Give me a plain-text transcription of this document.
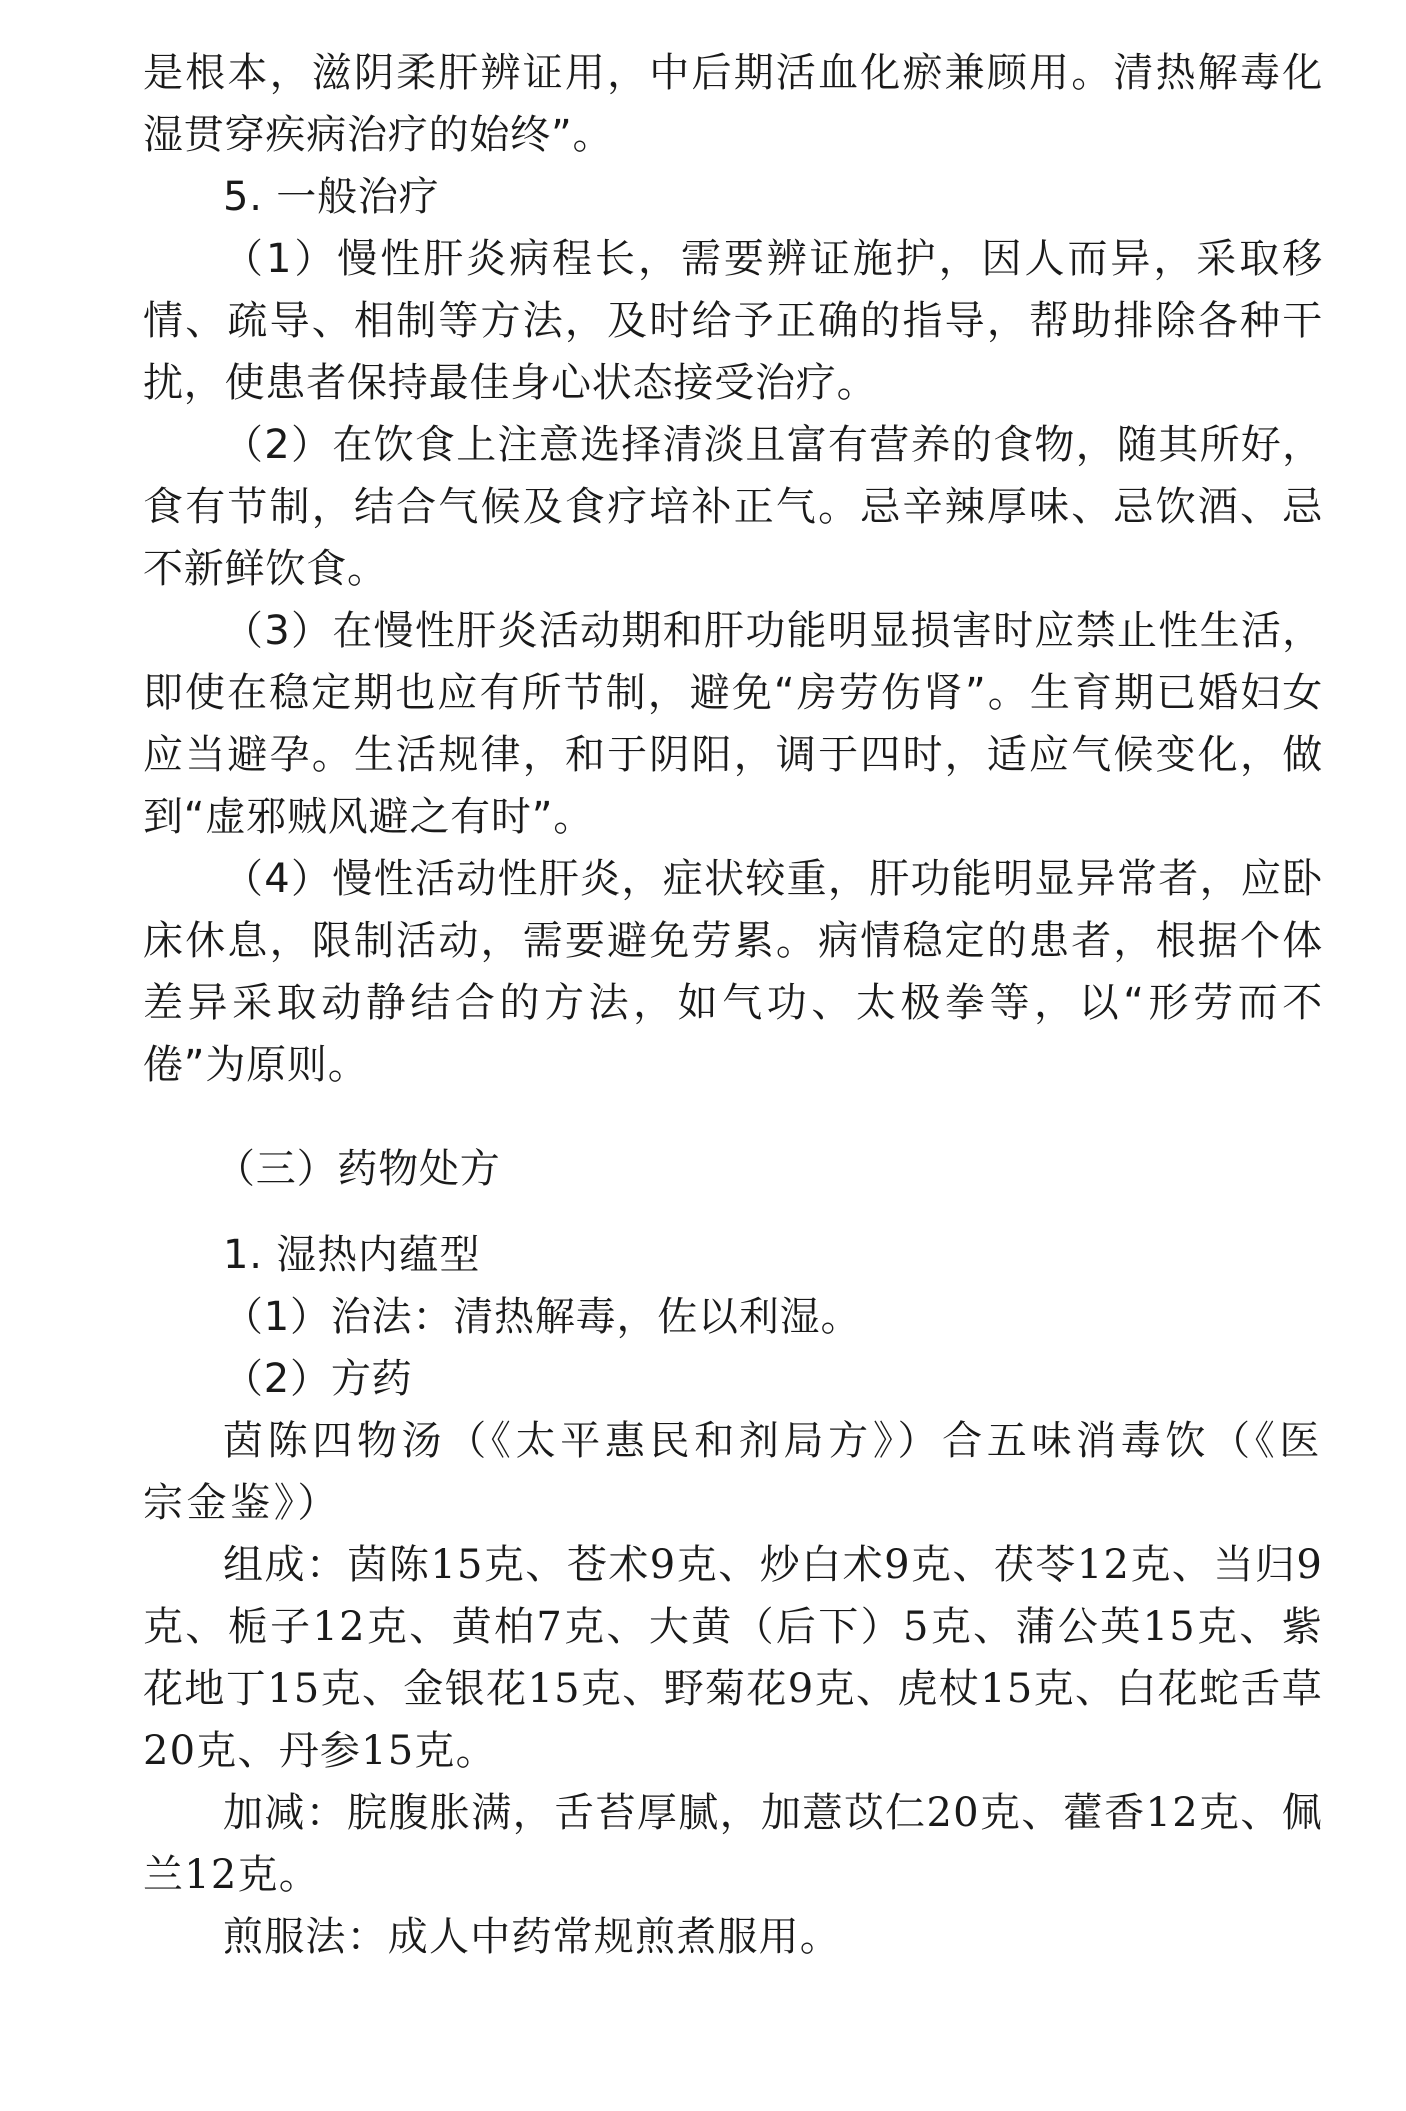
是根本，滋阴柔肝辨证用，中后期活血化瘀兼顾用。清热解毒化湿贯穿疾病治疗的始终”。

5. 一般治疗

（1）慢性肝炎病程长，需要辨证施护，因人而异，采取移情、疏导、相制等方法，及时给予正确的指导，帮助排除各种干扰，使患者保持最佳身心状态接受治疗。

（2）在饮食上注意选择清淡且富有营养的食物，随其所好，食有节制，结合气候及食疗培补正气。忌辛辣厚味、忌饮酒、忌不新鲜饮食。

（3）在慢性肝炎活动期和肝功能明显损害时应禁止性生活，即使在稳定期也应有所节制，避免“房劳伤肾”。生育期已婚妇女应当避孕。生活规律，和于阴阳，调于四时，适应气候变化，做到“虚邪贼风避之有时”。

（4）慢性活动性肝炎，症状较重，肝功能明显异常者，应卧床休息，限制活动，需要避免劳累。病情稳定的患者，根据个体差异采取动静结合的方法，如气功、太极拳等，以“形劳而不倦”为原则。

（三）药物处方
1. 湿热内蕴型

（1）治法：清热解毒，佐以利湿。

（2）方药

茵陈四物汤（《太平惠民和剂局方》）合五味消毒饮（《医宗金鉴》）

组成：茵陈15克、苍术9克、炒白术9克、茯苓12克、当归9克、栀子12克、黄柏7克、大黄（后下）5克、蒲公英15克、紫花地丁15克、金银花15克、野菊花9克、虎杖15克、白花蛇舌草20克、丹参15克。

加减：脘腹胀满，舌苔厚腻，加薏苡仁20克、藿香12克、佩兰12克。

煎服法：成人中药常规煎煮服用。
